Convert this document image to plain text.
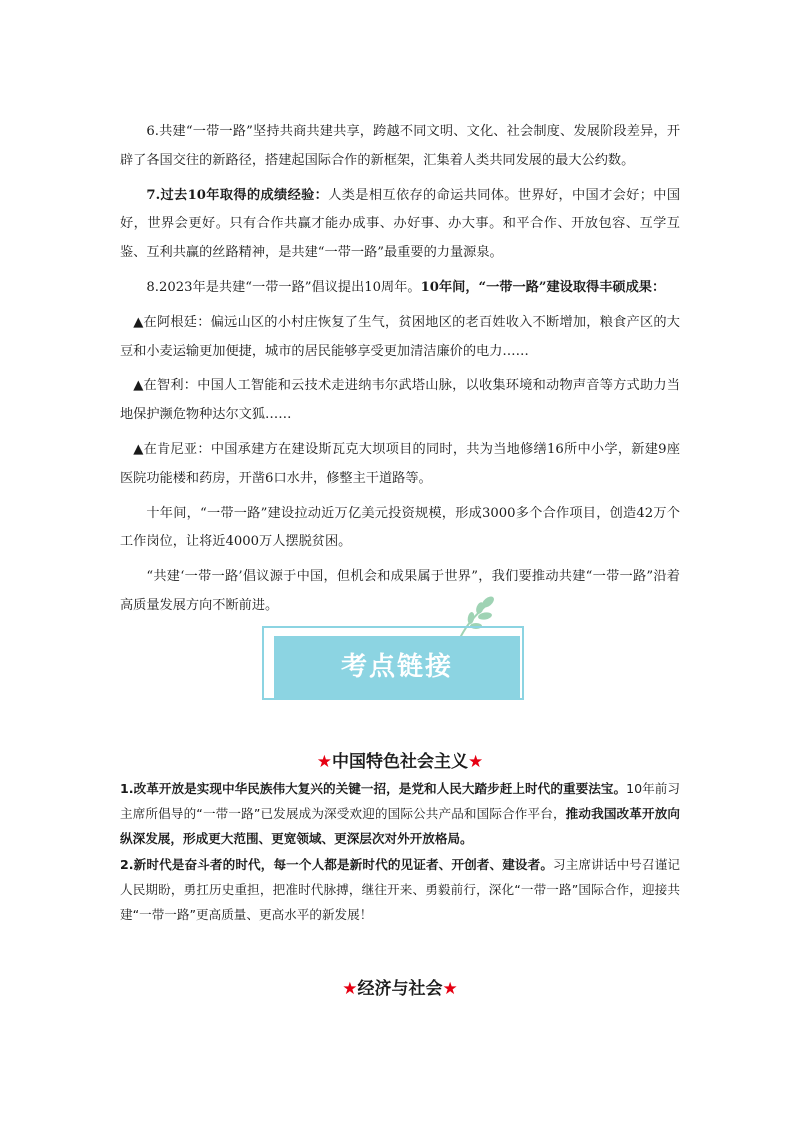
6.共建“一带一路”坚持共商共建共享，跨越不同文明、文化、社会制度、发展阶段差异，开辟了各国交往的新路径，搭建起国际合作的新框架，汇集着人类共同发展的最大公约数。

7.过去10年取得的成绩经验：人类是相互依存的命运共同体。世界好，中国才会好；中国好，世界会更好。只有合作共赢才能办成事、办好事、办大事。和平合作、开放包容、互学互鉴、互利共赢的丝路精神，是共建“一带一路”最重要的力量源泉。

8.2023年是共建“一带一路”倡议提出10周年。10年间，“一带一路”建设取得丰硕成果：

▲在阿根廷：偏远山区的小村庄恢复了生气，贫困地区的老百姓收入不断增加，粮食产区的大豆和小麦运输更加便捷，城市的居民能够享受更加清洁廉价的电力……

▲在智利：中国人工智能和云技术走进纳韦尔武塔山脉，以收集环境和动物声音等方式助力当地保护濒危物种达尔文狐……

▲在肯尼亚：中国承建方在建设斯瓦克大坝项目的同时，共为当地修缮16所中小学，新建9座医院功能楼和药房，开凿6口水井，修整主干道路等。

十年间，“一带一路”建设拉动近万亿美元投资规模，形成3000多个合作项目，创造42万个工作岗位，让将近4000万人摆脱贫困。

“共建‘一带一路’倡议源于中国，但机会和成果属于世界”，我们要推动共建“一带一路”沿着高质量发展方向不断前进。

考点链接
★中国特色社会主义★

1.改革开放是实现中华民族伟大复兴的关键一招，是党和人民大踏步赶上时代的重要法宝。10年前习主席所倡导的“一带一路”已发展成为深受欢迎的国际公共产品和国际合作平台，推动我国改革开放向纵深发展，形成更大范围、更宽领域、更深层次对外开放格局。

2.新时代是奋斗者的时代，每一个人都是新时代的见证者、开创者、建设者。习主席讲话中号召谨记人民期盼，勇扛历史重担，把准时代脉搏，继往开来、勇毅前行，深化“一带一路”国际合作，迎接共建“一带一路”更高质量、更高水平的新发展！

★经济与社会★
